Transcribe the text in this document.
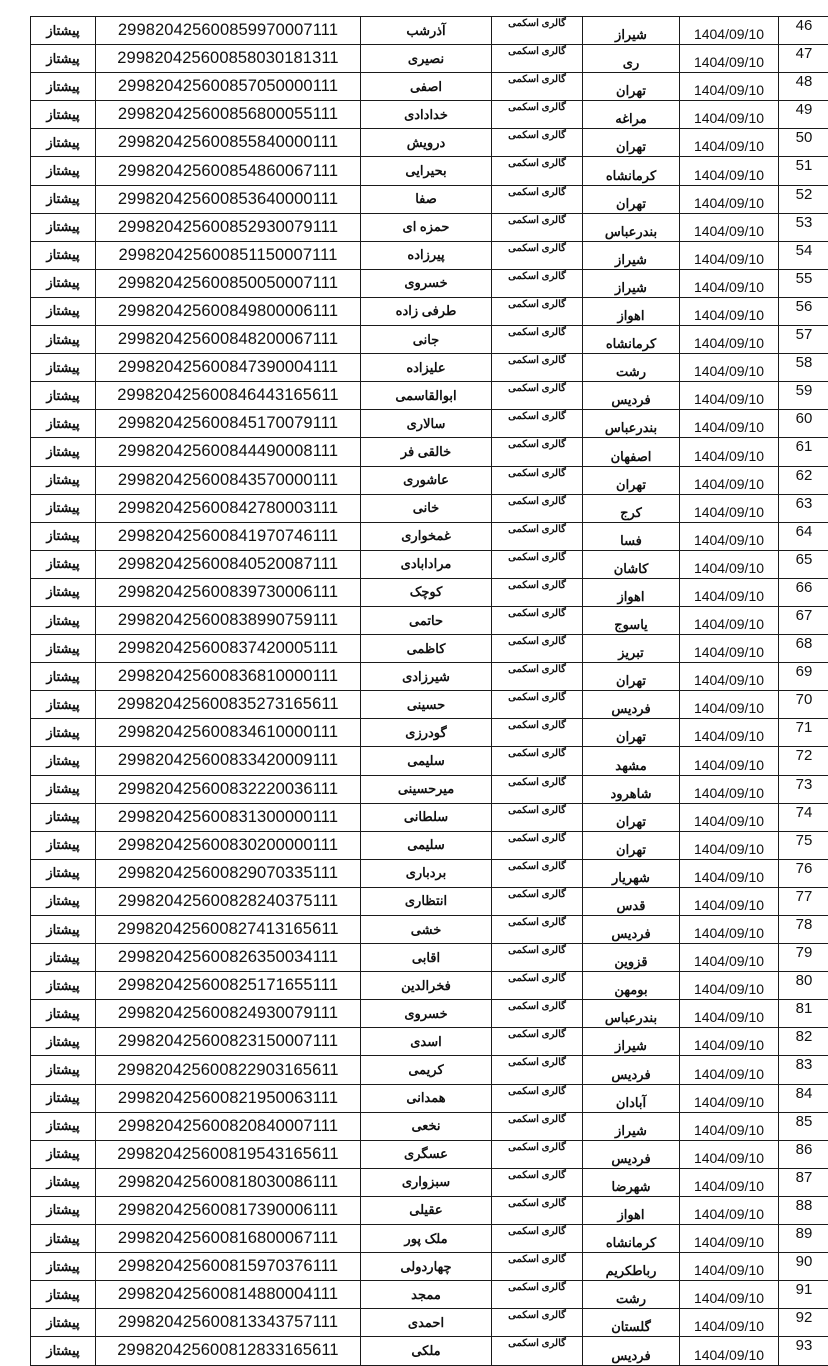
پیشتاز	299820425600859970007111	آذرشب	گالری اسکمی	شیراز	1404/09/10	46
پیشتاز	299820425600858030181311	نصیری	گالری اسکمی	ری	1404/09/10	47
پیشتاز	299820425600857050000111	اصفی	گالری اسکمی	تهران	1404/09/10	48
پیشتاز	299820425600856800055111	خدادادی	گالری اسکمی	مراغه	1404/09/10	49
پیشتاز	299820425600855840000111	درویش	گالری اسکمی	تهران	1404/09/10	50
پیشتاز	299820425600854860067111	بحیرایی	گالری اسکمی	کرمانشاه	1404/09/10	51
پیشتاز	299820425600853640000111	صفا	گالری اسکمی	تهران	1404/09/10	52
پیشتاز	299820425600852930079111	حمزه ای	گالری اسکمی	بندرعباس	1404/09/10	53
پیشتاز	299820425600851150007111	پیرزاده	گالری اسکمی	شیراز	1404/09/10	54
پیشتاز	299820425600850050007111	خسروی	گالری اسکمی	شیراز	1404/09/10	55
پیشتاز	299820425600849800006111	طرفی زاده	گالری اسکمی	اهواز	1404/09/10	56
پیشتاز	299820425600848200067111	جانی	گالری اسکمی	کرمانشاه	1404/09/10	57
پیشتاز	299820425600847390004111	علیزاده	گالری اسکمی	رشت	1404/09/10	58
پیشتاز	299820425600846443165611	ابوالقاسمی	گالری اسکمی	فردیس	1404/09/10	59
پیشتاز	299820425600845170079111	سالاری	گالری اسکمی	بندرعباس	1404/09/10	60
پیشتاز	299820425600844490008111	خالقی فر	گالری اسکمی	اصفهان	1404/09/10	61
پیشتاز	299820425600843570000111	عاشوری	گالری اسکمی	تهران	1404/09/10	62
پیشتاز	299820425600842780003111	خانی	گالری اسکمی	کرج	1404/09/10	63
پیشتاز	299820425600841970746111	غمخواری	گالری اسکمی	فسا	1404/09/10	64
پیشتاز	299820425600840520087111	مرادابادی	گالری اسکمی	کاشان	1404/09/10	65
پیشتاز	299820425600839730006111	کوچک	گالری اسکمی	اهواز	1404/09/10	66
پیشتاز	299820425600838990759111	حاتمی	گالری اسکمی	یاسوج	1404/09/10	67
پیشتاز	299820425600837420005111	کاظمی	گالری اسکمی	تبریز	1404/09/10	68
پیشتاز	299820425600836810000111	شیرزادی	گالری اسکمی	تهران	1404/09/10	69
پیشتاز	299820425600835273165611	حسینی	گالری اسکمی	فردیس	1404/09/10	70
پیشتاز	299820425600834610000111	گودرزی	گالری اسکمی	تهران	1404/09/10	71
پیشتاز	299820425600833420009111	سلیمی	گالری اسکمی	مشهد	1404/09/10	72
پیشتاز	299820425600832220036111	میرحسینی	گالری اسکمی	شاهرود	1404/09/10	73
پیشتاز	299820425600831300000111	سلطانی	گالری اسکمی	تهران	1404/09/10	74
پیشتاز	299820425600830200000111	سلیمی	گالری اسکمی	تهران	1404/09/10	75
پیشتاز	299820425600829070335111	بردباری	گالری اسکمی	شهریار	1404/09/10	76
پیشتاز	299820425600828240375111	انتظاری	گالری اسکمی	قدس	1404/09/10	77
پیشتاز	299820425600827413165611	خشی	گالری اسکمی	فردیس	1404/09/10	78
پیشتاز	299820425600826350034111	اقابی	گالری اسکمی	قزوین	1404/09/10	79
پیشتاز	299820425600825171655111	فخرالدین	گالری اسکمی	بومهن	1404/09/10	80
پیشتاز	299820425600824930079111	خسروی	گالری اسکمی	بندرعباس	1404/09/10	81
پیشتاز	299820425600823150007111	اسدی	گالری اسکمی	شیراز	1404/09/10	82
پیشتاز	299820425600822903165611	کریمی	گالری اسکمی	فردیس	1404/09/10	83
پیشتاز	299820425600821950063111	همدانی	گالری اسکمی	آبادان	1404/09/10	84
پیشتاز	299820425600820840007111	نخعی	گالری اسکمی	شیراز	1404/09/10	85
پیشتاز	299820425600819543165611	عسگری	گالری اسکمی	فردیس	1404/09/10	86
پیشتاز	299820425600818030086111	سبزواری	گالری اسکمی	شهرضا	1404/09/10	87
پیشتاز	299820425600817390006111	عقیلی	گالری اسکمی	اهواز	1404/09/10	88
پیشتاز	299820425600816800067111	ملک پور	گالری اسکمی	کرمانشاه	1404/09/10	89
پیشتاز	299820425600815970376111	چهاردولی	گالری اسکمی	رباطکریم	1404/09/10	90
پیشتاز	299820425600814880004111	ممجد	گالری اسکمی	رشت	1404/09/10	91
پیشتاز	299820425600813343757111	احمدی	گالری اسکمی	گلستان	1404/09/10	92
پیشتاز	299820425600812833165611	ملکی	گالری اسکمی	فردیس	1404/09/10	93
